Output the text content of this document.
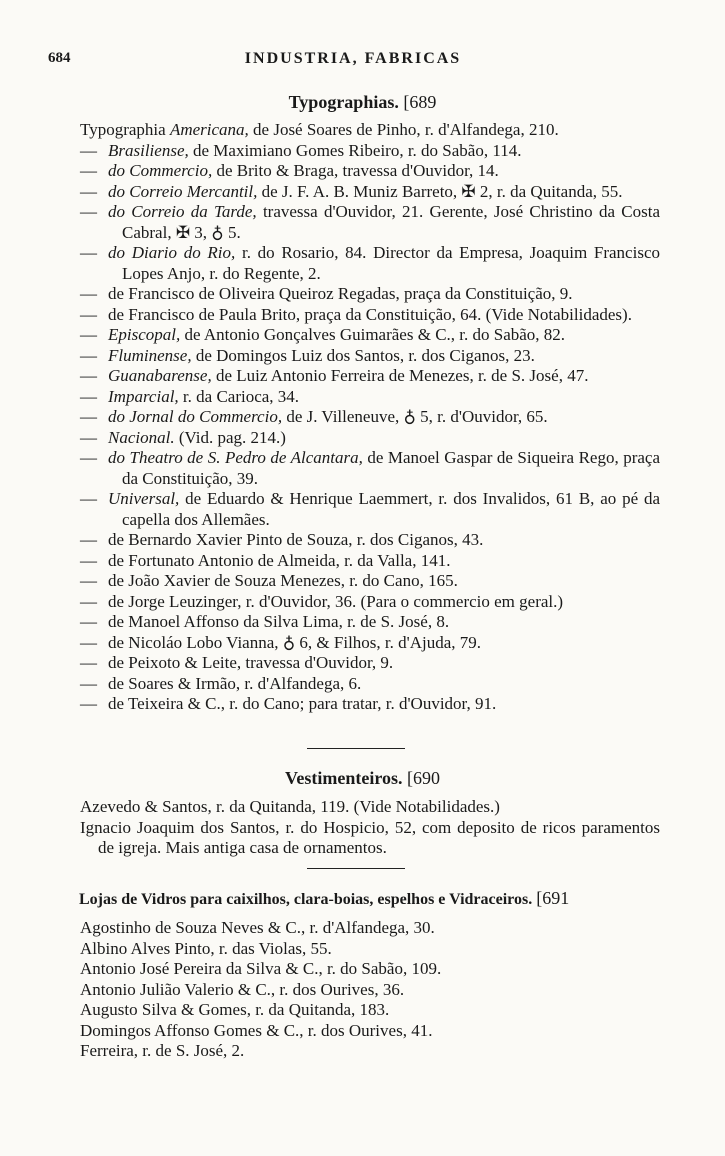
684	INDUSTRIA, FABRICAS
Typographias. [689

Typographia Americana, de José Soares de Pinho, r. d'Alfandega, 210.

—Brasiliense, de Maximiano Gomes Ribeiro, r. do Sabão, 114.

—do Commercio, de Brito & Braga, travessa d'Ouvidor, 14.

—do Correio Mercantil, de J. F. A. B. Muniz Barreto, ✠ 2, r. da Quitanda, 55.

—do Correio da Tarde, travessa d'Ouvidor, 21. Gerente, José Christino da Costa Cabral, ✠ 3, ♁ 5.

—do Diario do Rio, r. do Rosario, 84. Director da Empresa, Joaquim Francisco Lopes Anjo, r. do Regente, 2.

—de Francisco de Oliveira Queiroz Regadas, praça da Constituição, 9.

—de Francisco de Paula Brito, praça da Constituição, 64. (Vide Notabilidades).

—Episcopal, de Antonio Gonçalves Guimarães & C., r. do Sabão, 82.

—Fluminense, de Domingos Luiz dos Santos, r. dos Ciganos, 23.

—Guanabarense, de Luiz Antonio Ferreira de Menezes, r. de S. José, 47.

—Imparcial, r. da Carioca, 34.

—do Jornal do Commercio, de J. Villeneuve, ♁ 5, r. d'Ouvidor, 65.

—Nacional. (Vid. pag. 214.)

—do Theatro de S. Pedro de Alcantara, de Manoel Gaspar de Siqueira Rego, praça da Constituição, 39.

—Universal, de Eduardo & Henrique Laemmert, r. dos Invalidos, 61 B, ao pé da capella dos Allemães.

—de Bernardo Xavier Pinto de Souza, r. dos Ciganos, 43.

—de Fortunato Antonio de Almeida, r. da Valla, 141.

—de João Xavier de Souza Menezes, r. do Cano, 165.

—de Jorge Leuzinger, r. d'Ouvidor, 36. (Para o commercio em geral.)

—de Manoel Affonso da Silva Lima, r. de S. José, 8.

—de Nicoláo Lobo Vianna, ♁ 6, & Filhos, r. d'Ajuda, 79.

—de Peixoto & Leite, travessa d'Ouvidor, 9.

—de Soares & Irmão, r. d'Alfandega, 6.

—de Teixeira & C., r. do Cano; para tratar, r. d'Ouvidor, 91.

Vestimenteiros. [690

Azevedo & Santos, r. da Quitanda, 119. (Vide Notabilidades.)

Ignacio Joaquim dos Santos, r. do Hospicio, 52, com deposito de ricos paramentos de igreja. Mais antiga casa de ornamentos.

Lojas de Vidros para caixilhos, clara-boias, espelhos e Vidraceiros. [691

Agostinho de Souza Neves & C., r. d'Alfandega, 30.

Albino Alves Pinto, r. das Violas, 55.

Antonio José Pereira da Silva & C., r. do Sabão, 109.

Antonio Julião Valerio & C., r. dos Ourives, 36.

Augusto Silva & Gomes, r. da Quitanda, 183.

Domingos Affonso Gomes & C., r. dos Ourives, 41.

Ferreira, r. de S. José, 2.
